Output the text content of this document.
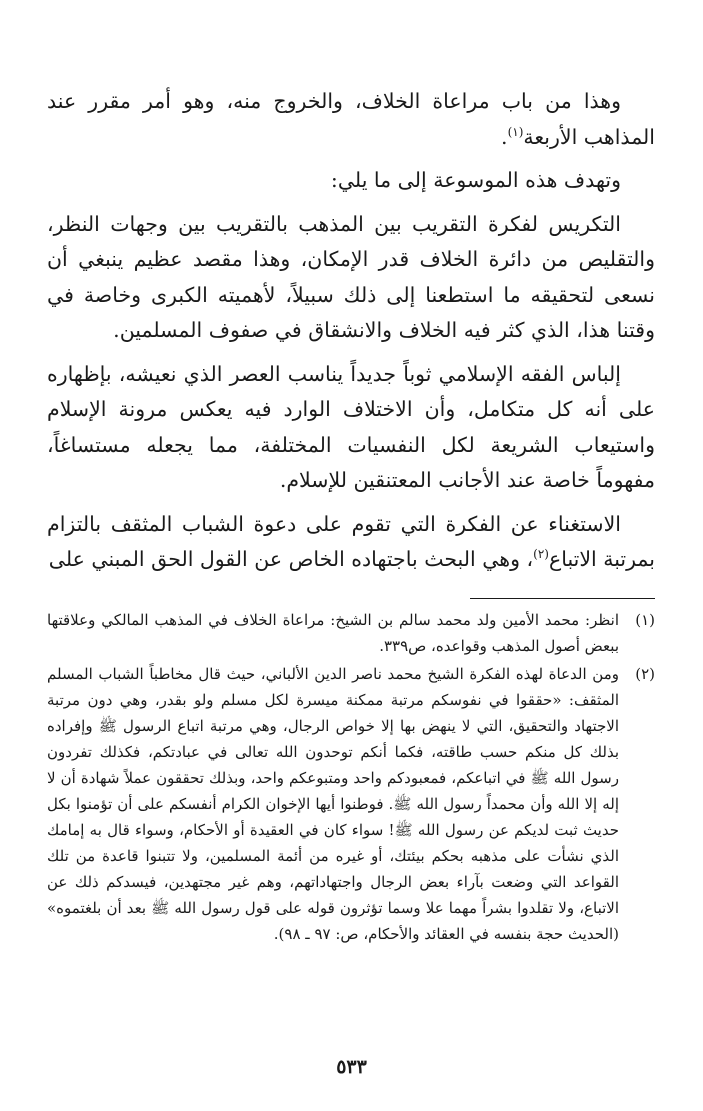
وهذا من باب مراعاة الخلاف، والخروج منه، وهو أمر مقرر عند المذاهب الأربعة$^{(١)}$.

وتهدف هذه الموسوعة إلى ما يلي:

التكريس لفكرة التقريب بين المذهب بالتقريب بين وجهات النظر، والتقليص من دائرة الخلاف قدر الإمكان، وهذا مقصد عظيم ينبغي أن نسعى لتحقيقه ما استطعنا إلى ذلك سبيلاً، لأهميته الكبرى وخاصة في وقتنا هذا، الذي كثر فيه الخلاف والانشقاق في صفوف المسلمين.

إلباس الفقه الإسلامي ثوباً جديداً يناسب العصر الذي نعيشه، بإظهاره على أنه كل متكامل، وأن الاختلاف الوارد فيه يعكس مرونة الإسلام واستيعاب الشريعة لكل النفسيات المختلفة، مما يجعله مستساغاً، مفهوماً خاصة عند الأجانب المعتنقين للإسلام.

الاستغناء عن الفكرة التي تقوم على دعوة الشباب المثقف بالتزام بمرتبة الاتباع$^{(٢)}$، وهي البحث باجتهاده الخاص عن القول الحق المبني على

(١)
انظر: محمد الأمين ولد محمد سالم بن الشيخ: مراعاة الخلاف في المذهب المالكي وعلاقتها ببعض أصول المذهب وقواعده، ص٣٣٩.
(٢)
ومن الدعاة لهذه الفكرة الشيخ محمد ناصر الدين الألباني، حيث قال مخاطباً الشباب المسلم المثقف: «حققوا في نفوسكم مرتبة ممكنة ميسرة لكل مسلم ولو بقدر، وهي دون مرتبة الاجتهاد والتحقيق، التي لا ينهض بها إلا خواص الرجال، وهي مرتبة اتباع الرسول ﷺ وإفراده بذلك كل منكم حسب طاقته، فكما أنكم توحدون الله تعالى في عبادتكم، فكذلك تفردون رسول الله ﷺ في اتباعكم، فمعبودكم واحد ومتبوعكم واحد، وبذلك تحققون عملاً شهادة أن لا إله إلا الله وأن محمداً رسول الله ﷺ. فوطنوا أيها الإخوان الكرام أنفسكم على أن تؤمنوا بكل حديث ثبت لديكم عن رسول الله ﷺ! سواء كان في العقيدة أو الأحكام، وسواء قال به إمامك الذي نشأت على مذهبه بحكم بيئتك، أو غيره من أئمة المسلمين، ولا تتبنوا قاعدة من تلك القواعد التي وضعت بآراء بعض الرجال واجتهاداتهم، وهم غير مجتهدين، فيسدكم ذلك عن الاتباع، ولا تقلدوا بشراً مهما علا وسما تؤثرون قوله على قول رسول الله ﷺ بعد أن بلغتموه» (الحديث حجة بنفسه في العقائد والأحكام، ص: ٩٧ ـ ٩٨).
٥٣٣
